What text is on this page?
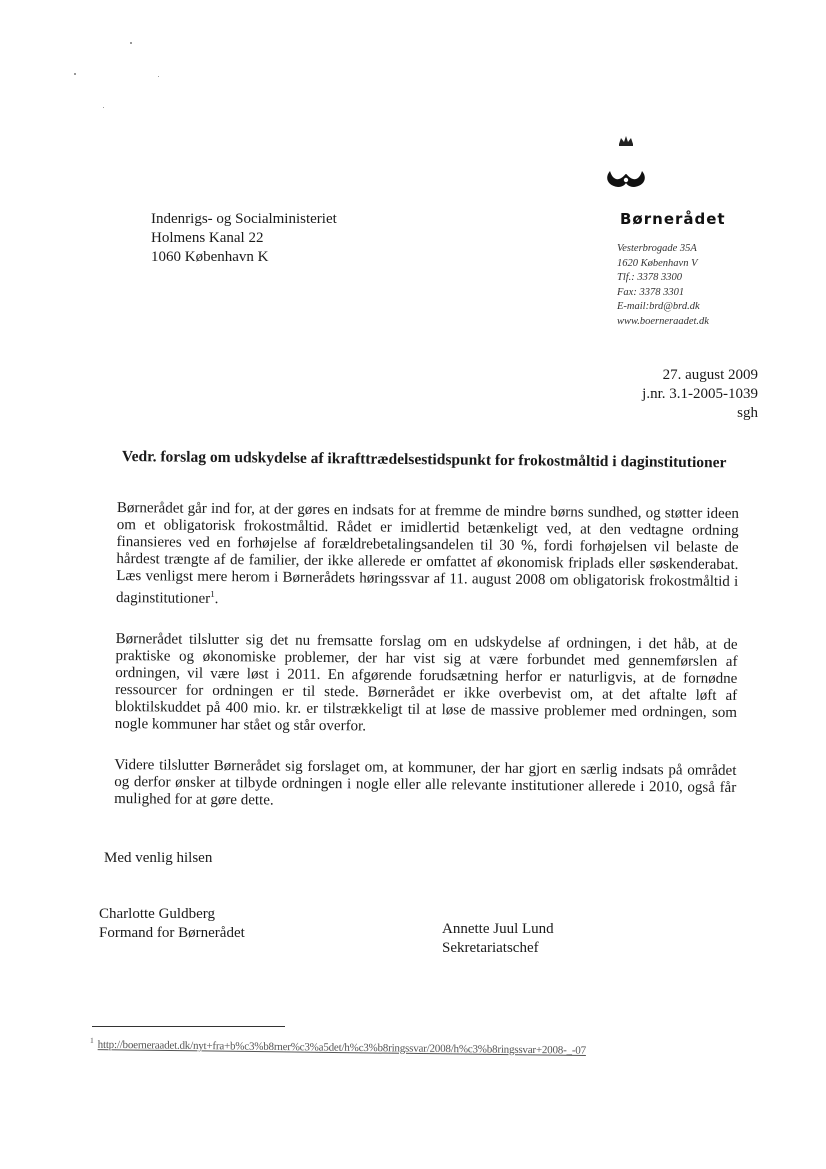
Børnerådet
Vesterbrogade 35A
1620 København V
Tlf.: 3378 3300
Fax: 3378 3301
E-mail:brd@brd.dk
www.boerneraadet.dk
Indenrigs- og Socialministeriet
Holmens Kanal 22
1060 København K
27. august 2009
j.nr. 3.1-2005-1039
sgh
Vedr. forslag om udskydelse af ikrafttrædelsestidspunkt for frokostmåltid i daginstitutioner

Børnerådet går ind for, at der gøres en indsats for at fremme de mindre børns sundhed, og støtter ideen om et obligatorisk frokostmåltid. Rådet er imidlertid betænkeligt ved, at den vedtagne ordning finansieres ved en forhøjelse af forældrebetalingsandelen til 30 %, fordi forhøjelsen vil belaste de hårdest trængte af de familier, der ikke allerede er omfattet af økonomisk friplads eller søskenderabat. Læs venligst mere herom i Børnerådets høringssvar af 11. august 2008 om obligatorisk frokostmåltid i daginstitutioner$^1$.

Børnerådet tilslutter sig det nu fremsatte forslag om en udskydelse af ordningen, i det håb, at de praktiske og økonomiske problemer, der har vist sig at være forbundet med gennemførslen af ordningen, vil være løst i 2011. En afgørende forudsætning herfor er naturligvis, at de fornødne ressourcer for ordningen er til stede. Børnerådet er ikke overbevist om, at det aftalte løft af bloktilskuddet på 400 mio. kr. er tilstrækkeligt til at løse de massive problemer med ordningen, som nogle kommuner har stået og står overfor.

Videre tilslutter Børnerådet sig forslaget om, at kommuner, der har gjort en særlig indsats på området og derfor ønsker at tilbyde ordningen i nogle eller alle relevante institutioner allerede i 2010, også får mulighed for at gøre dette.

Med venlig hilsen
Charlotte Guldberg
Formand for Børnerådet	Annette Juul Lund
Sekretariatschef
$^1$ http://boerneraadet.dk/nyt+fra+b%c3%b8rner%c3%a5det/h%c3%b8ringssvar/2008/h%c3%b8ringssvar+2008-_-07
